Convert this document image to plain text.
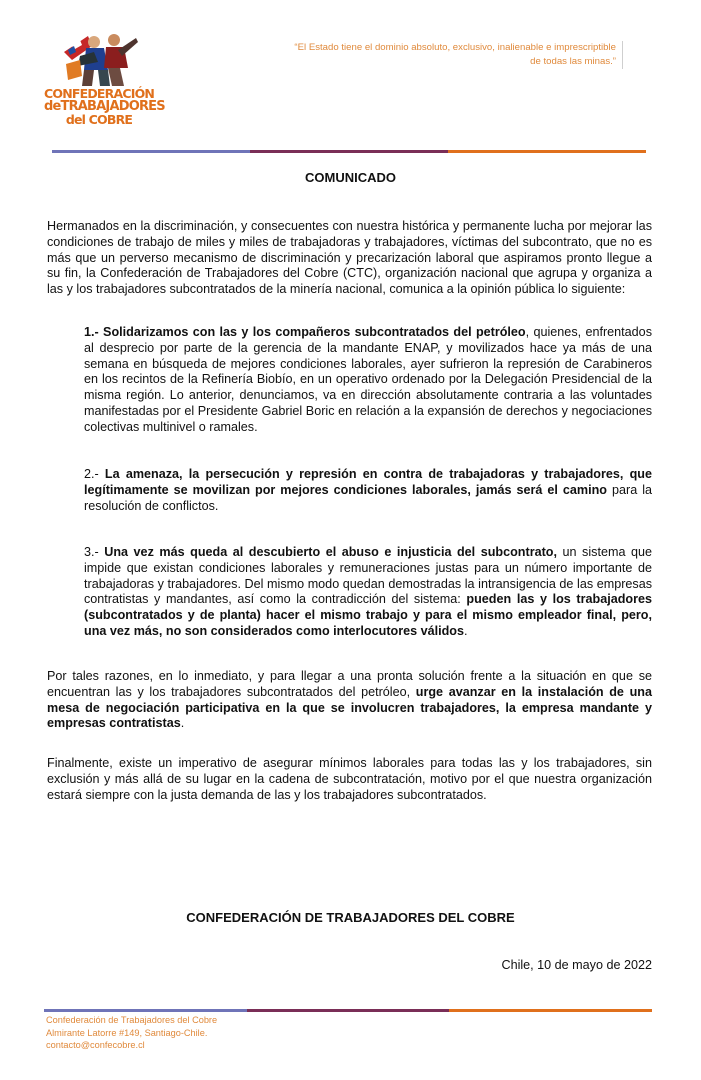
CONFEDERACIÓN
deTRABAJADORES
del COBRE
“El Estado tiene el dominio absoluto, exclusivo, inalienable e imprescriptible
de todas las minas.”
COMUNICADO

Hermanados en la discriminación, y consecuentes con nuestra histórica y permanente lucha por mejorar las condiciones de trabajo de miles y miles de trabajadoras y trabajadores, víctimas del subcontrato, que no es más que un perverso mecanismo de discriminación y precarización laboral que aspiramos pronto llegue a su fin, la Confederación de Trabajadores del Cobre (CTC), organización nacional que agrupa y organiza a las y los trabajadores subcontratados de la minería nacional, comunica a la opinión pública lo siguiente:

1.- Solidarizamos con las y los compañeros subcontratados del petróleo, quienes, enfrentados al desprecio por parte de la gerencia de la mandante ENAP, y movilizados hace ya más de una semana en búsqueda de mejores condiciones laborales, ayer sufrieron la represión de Carabineros en los recintos de la Refinería Biobío, en un operativo ordenado por la Delegación Presidencial de la misma región. Lo anterior, denunciamos, va en dirección absolutamente contraria a las voluntades manifestadas por el Presidente Gabriel Boric en relación a la expansión de derechos y negociaciones colectivas multinivel o ramales.

2.- La amenaza, la persecución y represión en contra de trabajadoras y trabajadores, que legítimamente se movilizan por mejores condiciones laborales, jamás será el camino para la resolución de conflictos.

3.- Una vez más queda al descubierto el abuso e injusticia del subcontrato, un sistema que impide que existan condiciones laborales y remuneraciones justas para un número importante de trabajadoras y trabajadores. Del mismo modo quedan demostradas la intransigencia de las empresas contratistas y mandantes, así como la contradicción del sistema: pueden las y los trabajadores (subcontratados y de planta) hacer el mismo trabajo y para el mismo empleador final, pero, una vez más, no son considerados como interlocutores válidos.

Por tales razones, en lo inmediato, y para llegar a una pronta solución frente a la situación en que se encuentran las y los trabajadores subcontratados del petróleo, urge avanzar en la instalación de una mesa de negociación participativa en la que se involucren trabajadores, la empresa mandante y empresas contratistas.

Finalmente, existe un imperativo de asegurar mínimos laborales para todas las y los trabajadores, sin exclusión y más allá de su lugar en la cadena de subcontratación, motivo por el que nuestra organización estará siempre con la justa demanda de las y los trabajadores subcontratados.

CONFEDERACIÓN DE TRABAJADORES DEL COBRE
Chile, 10 de mayo de 2022
Confederación de Trabajadores del Cobre
Almirante Latorre #149, Santiago-Chile.
contacto@confecobre.cl
